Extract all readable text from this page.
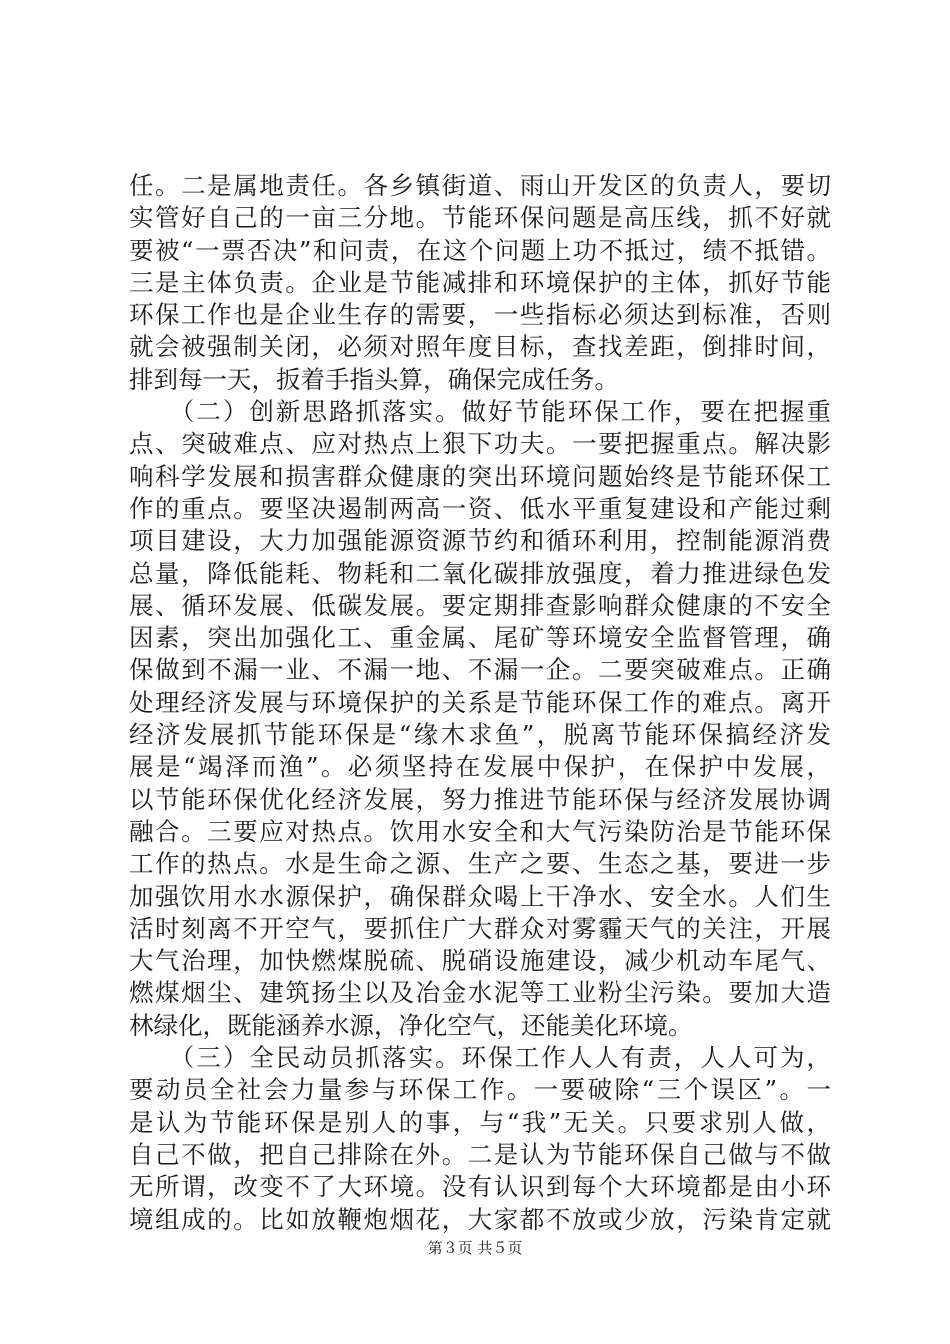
任。二是属地责任。各乡镇街道、雨山开发区的负责人，要切
实管好自己的一亩三分地。节能环保问题是高压线，抓不好就
要被“一票否决”和问责，在这个问题上功不抵过，绩不抵错。
三是主体负责。企业是节能减排和环境保护的主体，抓好节能
环保工作也是企业生存的需要，一些指标必须达到标准，否则
就会被强制关闭，必须对照年度目标，查找差距，倒排时间，
排到每一天，扳着手指头算，确保完成任务。
　　（二）创新思路抓落实。做好节能环保工作，要在把握重
点、突破难点、应对热点上狠下功夫。一要把握重点。解决影
响科学发展和损害群众健康的突出环境问题始终是节能环保工
作的重点。要坚决遏制两高一资、低水平重复建设和产能过剩
项目建设，大力加强能源资源节约和循环利用，控制能源消费
总量，降低能耗、物耗和二氧化碳排放强度，着力推进绿色发
展、循环发展、低碳发展。要定期排查影响群众健康的不安全
因素，突出加强化工、重金属、尾矿等环境安全监督管理，确
保做到不漏一业、不漏一地、不漏一企。二要突破难点。正确
处理经济发展与环境保护的关系是节能环保工作的难点。离开
经济发展抓节能环保是“缘木求鱼”，脱离节能环保搞经济发
展是“竭泽而渔”。必须坚持在发展中保护，在保护中发展，
以节能环保优化经济发展，努力推进节能环保与经济发展协调
融合。三要应对热点。饮用水安全和大气污染防治是节能环保
工作的热点。水是生命之源、生产之要、生态之基，要进一步
加强饮用水水源保护，确保群众喝上干净水、安全水。人们生
活时刻离不开空气，要抓住广大群众对雾霾天气的关注，开展
大气治理，加快燃煤脱硫、脱硝设施建设，减少机动车尾气、
燃煤烟尘、建筑扬尘以及冶金水泥等工业粉尘污染。要加大造
林绿化，既能涵养水源，净化空气，还能美化环境。
　　（三）全民动员抓落实。环保工作人人有责，人人可为，
要动员全社会力量参与环保工作。一要破除“三个误区”。一
是认为节能环保是别人的事，与“我”无关。只要求别人做，
自己不做，把自己排除在外。二是认为节能环保自己做与不做
无所谓，改变不了大环境。没有认识到每个大环境都是由小环
境组成的。比如放鞭炮烟花，大家都不放或少放，污染肯定就
第３页 共５页
